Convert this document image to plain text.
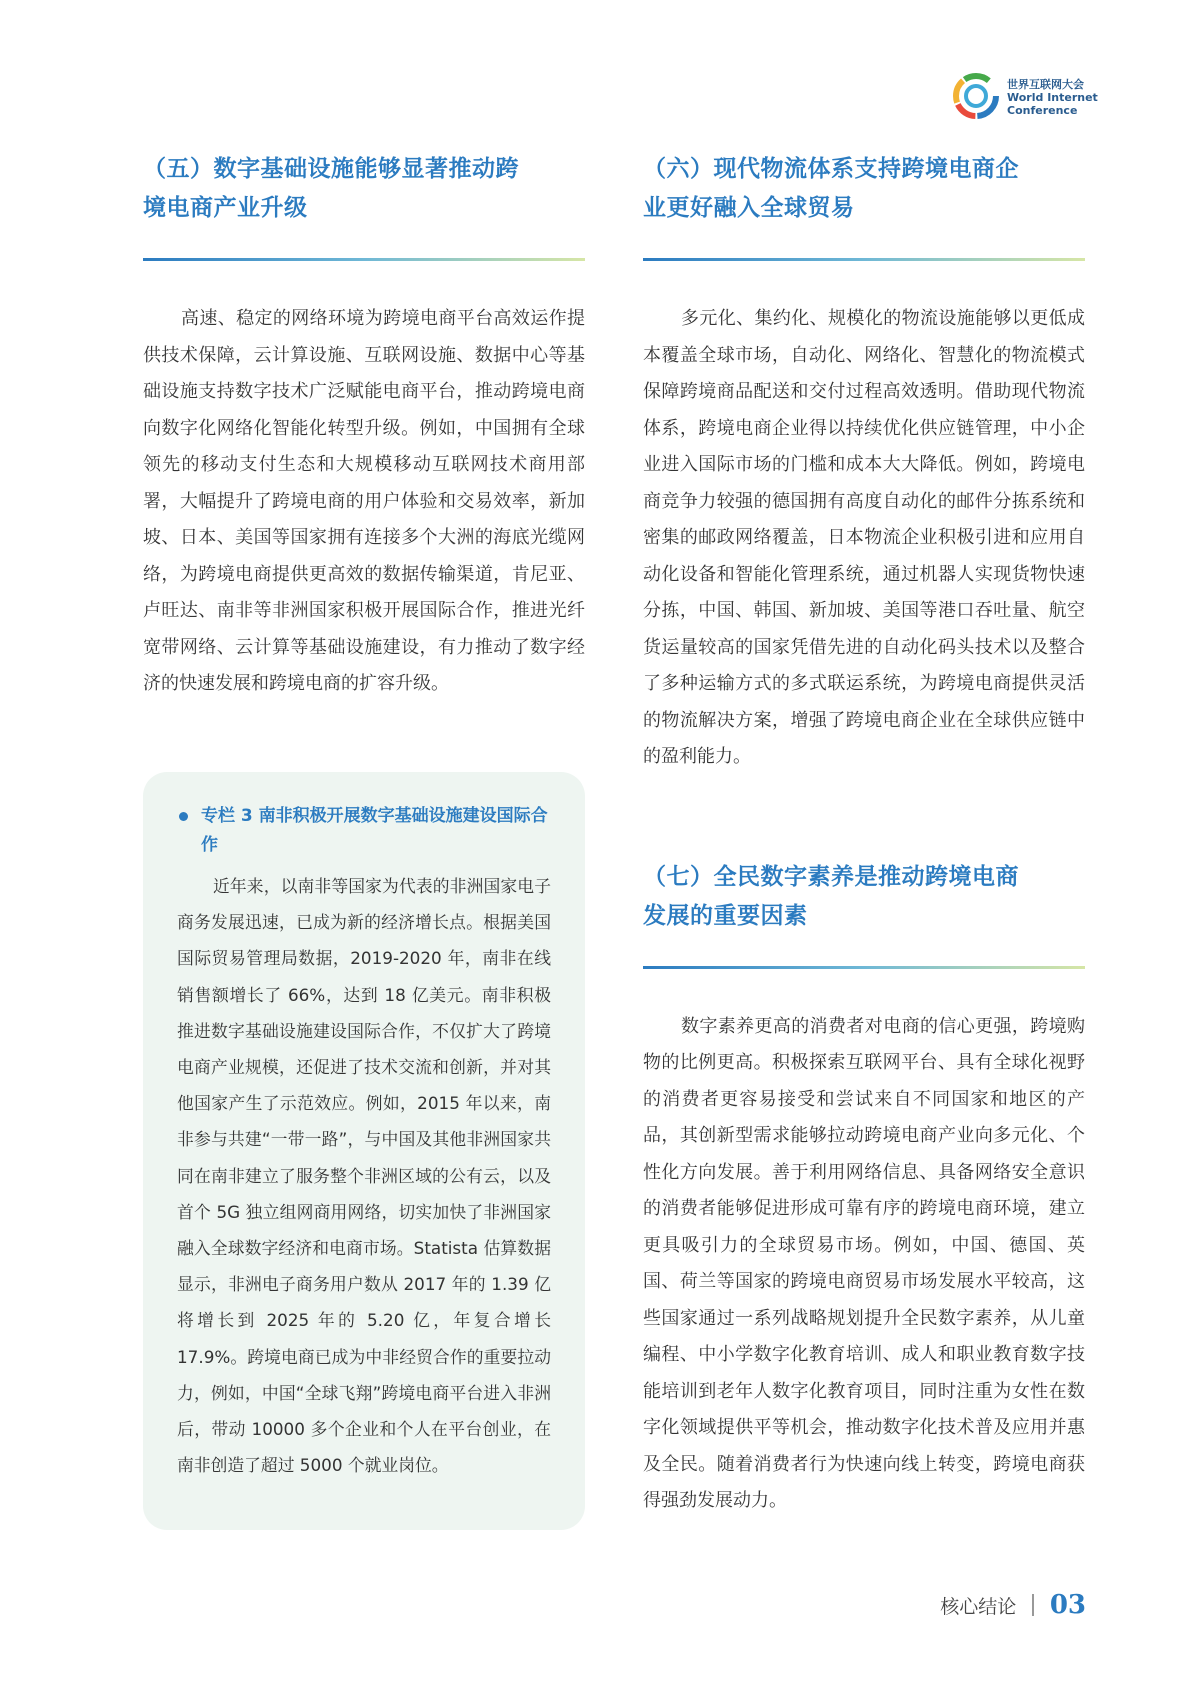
世界互联网大会
World Internet
Conference
（五）数字基础设施能够显著推动跨
境电商产业升级

高速、稳定的网络环境为跨境电商平台高效运作提供技术保障，云计算设施、互联网设施、数据中心等基础设施支持数字技术广泛赋能电商平台，推动跨境电商向数字化网络化智能化转型升级。例如，中国拥有全球领先的移动支付生态和大规模移动互联网技术商用部署，大幅提升了跨境电商的用户体验和交易效率，新加坡、日本、美国等国家拥有连接多个大洲的海底光缆网络，为跨境电商提供更高效的数据传输渠道，肯尼亚、卢旺达、南非等非洲国家积极开展国际合作，推进光纤宽带网络、云计算等基础设施建设，有力推动了数字经济的快速发展和跨境电商的扩容升级。

专栏 3 南非积极开展数字基础设施建设国际合作

近年来，以南非等国家为代表的非洲国家电子商务发展迅速，已成为新的经济增长点。根据美国国际贸易管理局数据，2019-2020 年，南非在线销售额增长了 66%，达到 18 亿美元。南非积极推进数字基础设施建设国际合作，不仅扩大了跨境电商产业规模，还促进了技术交流和创新，并对其他国家产生了示范效应。例如，2015 年以来，南非参与共建“一带一路”，与中国及其他非洲国家共同在南非建立了服务整个非洲区域的公有云，以及首个 5G 独立组网商用网络，切实加快了非洲国家融入全球数字经济和电商市场。Statista 估算数据显示，非洲电子商务用户数从 2017 年的 1.39 亿将增长到 2025 年的 5.20 亿，年复合增长 17.9%。跨境电商已成为中非经贸合作的重要拉动力，例如，中国“全球飞翔”跨境电商平台进入非洲后，带动 10000 多个企业和个人在平台创业，在南非创造了超过 5000 个就业岗位。

（六）现代物流体系支持跨境电商企
业更好融入全球贸易

多元化、集约化、规模化的物流设施能够以更低成本覆盖全球市场，自动化、网络化、智慧化的物流模式保障跨境商品配送和交付过程高效透明。借助现代物流体系，跨境电商企业得以持续优化供应链管理，中小企业进入国际市场的门槛和成本大大降低。例如，跨境电商竞争力较强的德国拥有高度自动化的邮件分拣系统和密集的邮政网络覆盖，日本物流企业积极引进和应用自动化设备和智能化管理系统，通过机器人实现货物快速分拣，中国、韩国、新加坡、美国等港口吞吐量、航空货运量较高的国家凭借先进的自动化码头技术以及整合了多种运输方式的多式联运系统，为跨境电商提供灵活的物流解决方案，增强了跨境电商企业在全球供应链中的盈利能力。

（七）全民数字素养是推动跨境电商
发展的重要因素

数字素养更高的消费者对电商的信心更强，跨境购物的比例更高。积极探索互联网平台、具有全球化视野的消费者更容易接受和尝试来自不同国家和地区的产品，其创新型需求能够拉动跨境电商产业向多元化、个性化方向发展。善于利用网络信息、具备网络安全意识的消费者能够促进形成可靠有序的跨境电商环境，建立更具吸引力的全球贸易市场。例如，中国、德国、英国、荷兰等国家的跨境电商贸易市场发展水平较高，这些国家通过一系列战略规划提升全民数字素养，从儿童编程、中小学数字化教育培训、成人和职业教育数字技能培训到老年人数字化教育项目，同时注重为女性在数字化领域提供平等机会，推动数字化技术普及应用并惠及全民。随着消费者行为快速向线上转变，跨境电商获得强劲发展动力。

核心结论 03
